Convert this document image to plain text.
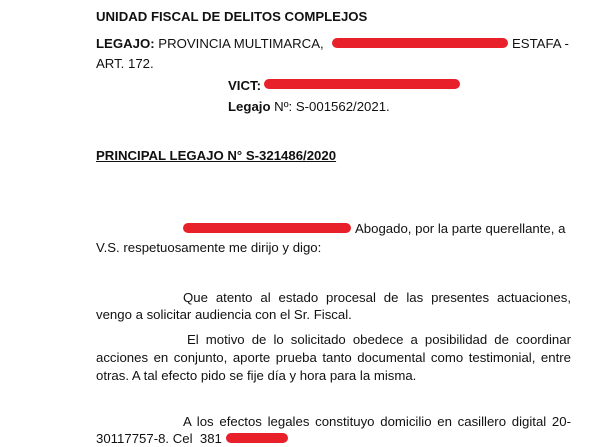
UNIDAD FISCAL DE DELITOS COMPLEJOS
LEGAJO: PROVINCIA MULTIMARCA,	ESTAFA -
ART. 172.
VICT:
Legajo Nº: S-001562/2021.
PRINCIPAL LEGAJO N° S-321486/2020
Abogado, por la parte querellante, a
V.S. respetuosamente me dirijo y digo:
Que atento al estado procesal de las presentes actuaciones,
vengo a solicitar audiencia con el Sr. Fiscal.
El motivo de lo solicitado obedece a posibilidad de coordinar
acciones en conjunto, aporte prueba tanto documental como testimonial, entre
otras. A tal efecto pido se fije día y hora para la misma.
A los efectos legales constituyo domicilio en casillero digital 20-
30117757-8. Cel  381
